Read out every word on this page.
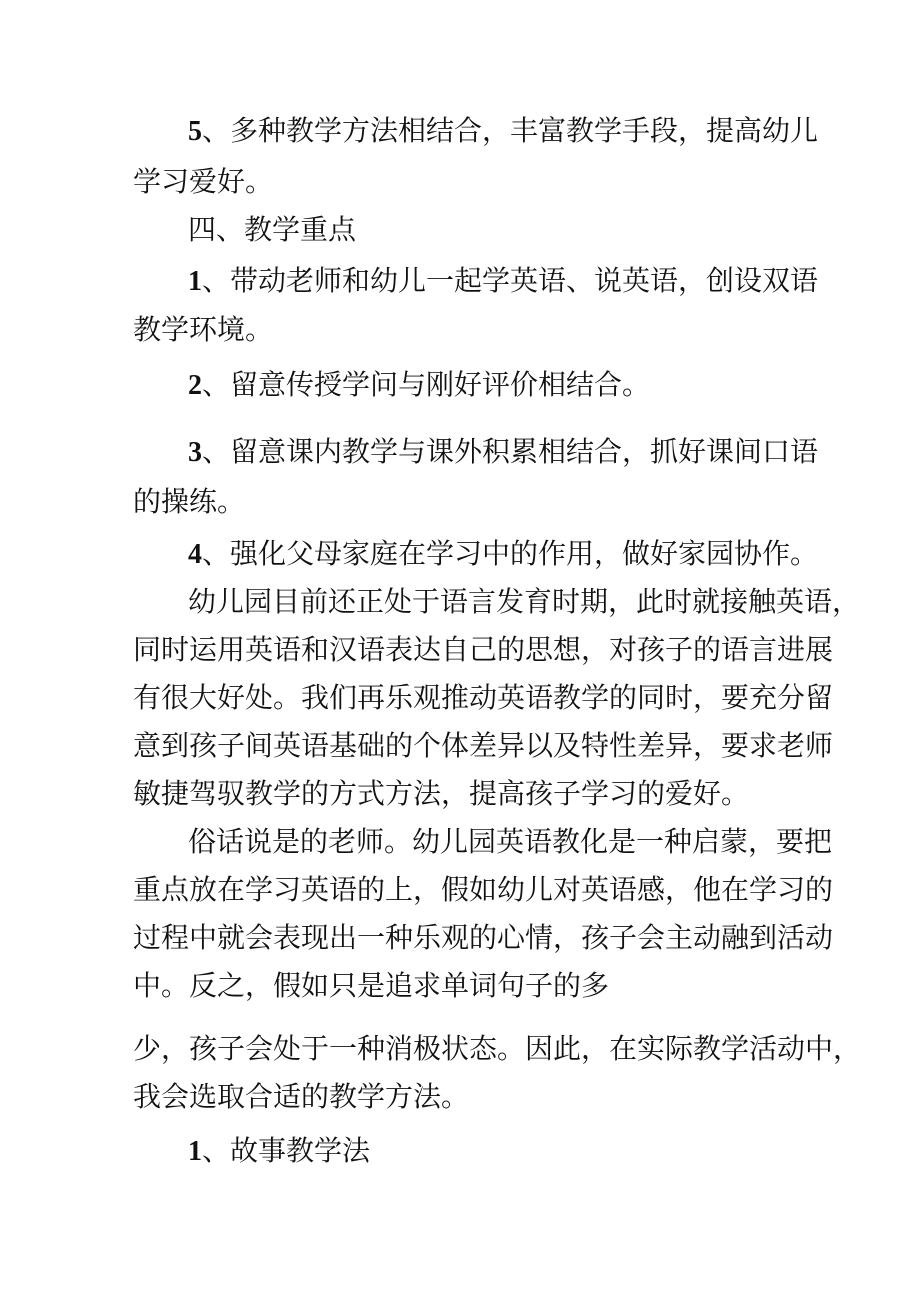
5、多种教学方法相结合，丰富教学手段，提高幼儿
学习爱好。
四、教学重点
1、带动老师和幼儿一起学英语、说英语，创设双语
教学环境。
2、留意传授学问与刚好评价相结合。
3、留意课内教学与课外积累相结合，抓好课间口语
的操练。
4、强化父母家庭在学习中的作用，做好家园协作。
幼儿园目前还正处于语言发育时期，此时就接触英语，
同时运用英语和汉语表达自己的思想，对孩子的语言进展
有很大好处。我们再乐观推动英语教学的同时，要充分留
意到孩子间英语基础的个体差异以及特性差异，要求老师
敏捷驾驭教学的方式方法，提高孩子学习的爱好。
俗话说是的老师。幼儿园英语教化是一种启蒙，要把
重点放在学习英语的上，假如幼儿对英语感，他在学习的
过程中就会表现出一种乐观的心情，孩子会主动融到活动
中。反之，假如只是追求单词句子的多
少，孩子会处于一种消极状态。因此，在实际教学活动中，
我会选取合适的教学方法。
1、故事教学法
